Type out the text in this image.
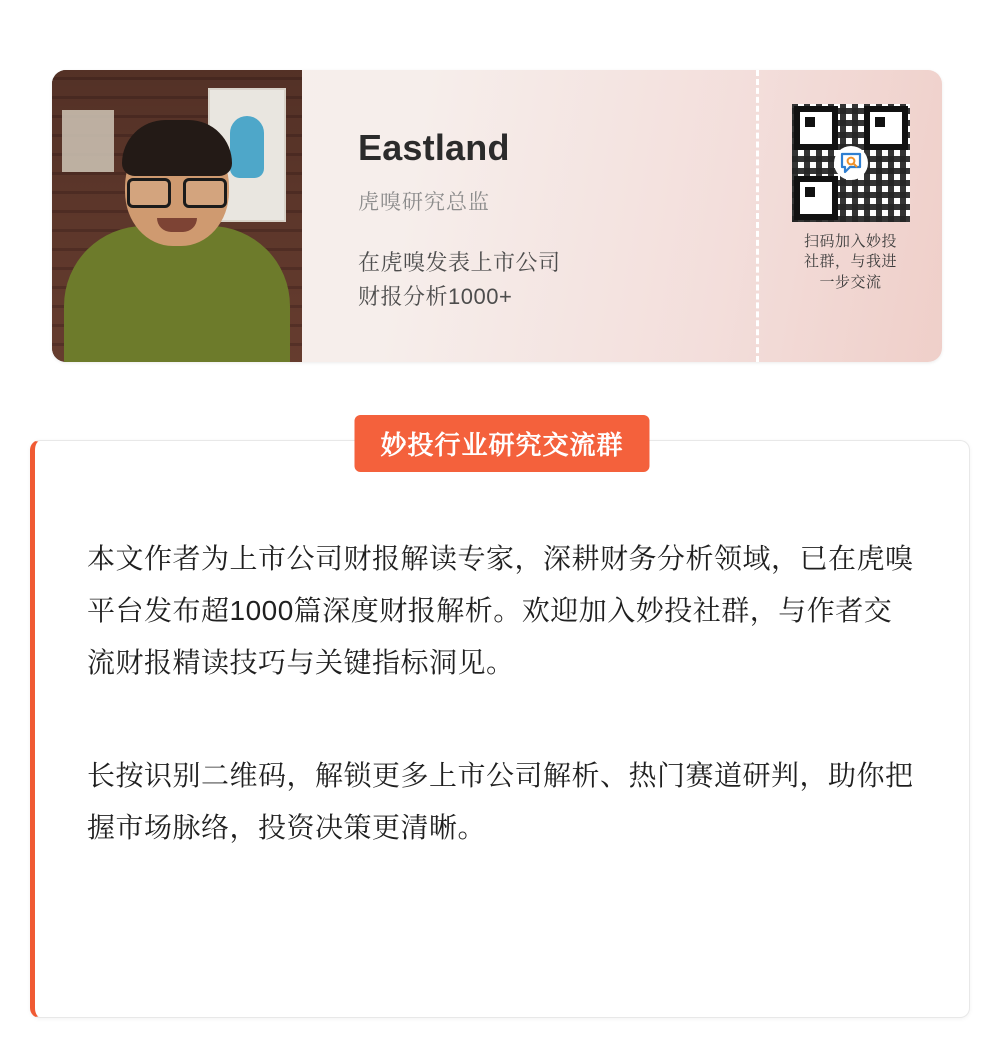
Eastland
虎嗅研究总监
在虎嗅发表上市公司
财报分析1000+
扫码加入妙投
社群，与我进
一步交流
妙投行业研究交流群

本文作者为上市公司财报解读专家，深耕财务分析领域，已在虎嗅平台发布超1000篇深度财报解析。欢迎加入妙投社群，与作者交流财报精读技巧与关键指标洞见。

长按识别二维码，解锁更多上市公司解析、热门赛道研判，助你把握市场脉络，投资决策更清晰。
